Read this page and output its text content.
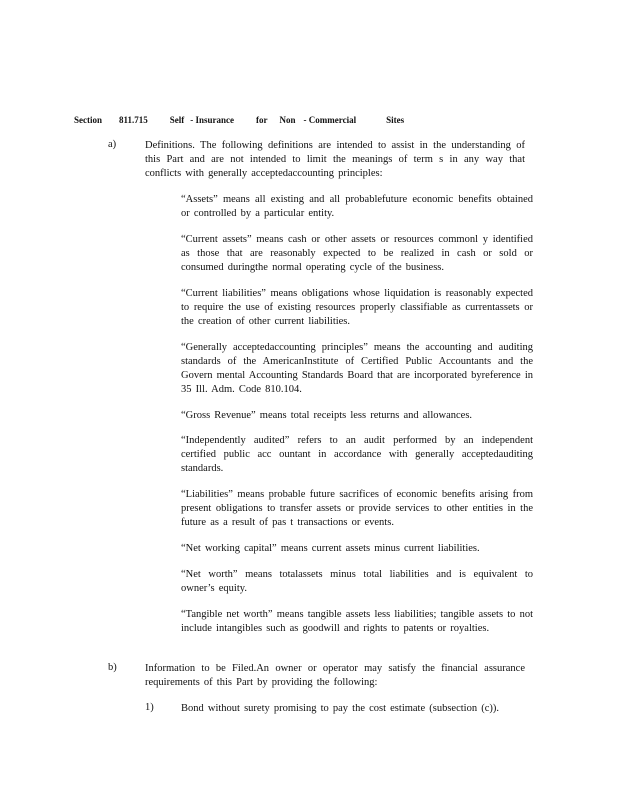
Section 811.715 Self - Insurance for Non - Commercial	Sites
a)	Definitions. The following definitions are intended to assist in the understanding of this Part and are not intended to limit the meanings of term s in any way that conflicts with generally acceptedaccounting principles:
“Assets” means all existing and all probablefuture economic benefits obtained or controlled by a particular entity.
“Current assets” means cash or other assets or resources commonl y identified as those that are reasonably expected to be realized in cash or sold or consumed duringthe normal operating cycle of the business.
“Current liabilities” means obligations whose liquidation is reasonably expected to require the use of existing resources properly classifiable as currentassets or the creation of other current liabilities.
“Generally acceptedaccounting principles” means the accounting and auditing standards of the AmericanInstitute of Certified Public Accountants and the Govern mental Accounting Standards Board that are incorporated byreference in 35 Ill. Adm. Code 810.104.
“Gross Revenue” means total receipts less returns and allowances.
“Independently audited” refers to an audit performed by an independent certified public acc ountant in accordance with generally acceptedauditing standards.
“Liabilities” means probable future sacrifices of economic benefits arising from present obligations to transfer assets or provide services to other entities in the future as a result of pas t transactions or events.
“Net working capital” means current assets minus current liabilities.
“Net worth” means totalassets minus total liabilities and is equivalent to owner’s equity.
“Tangible net worth” means tangible assets less liabilities; tangible assets to not include intangibles such as goodwill and rights to patents or royalties.
b)	Information to be Filed.An owner or operator may satisfy the financial assurance requirements of this Part by providing the following:
1)	Bond without surety promising to pay the cost estimate (subsection (c)).
